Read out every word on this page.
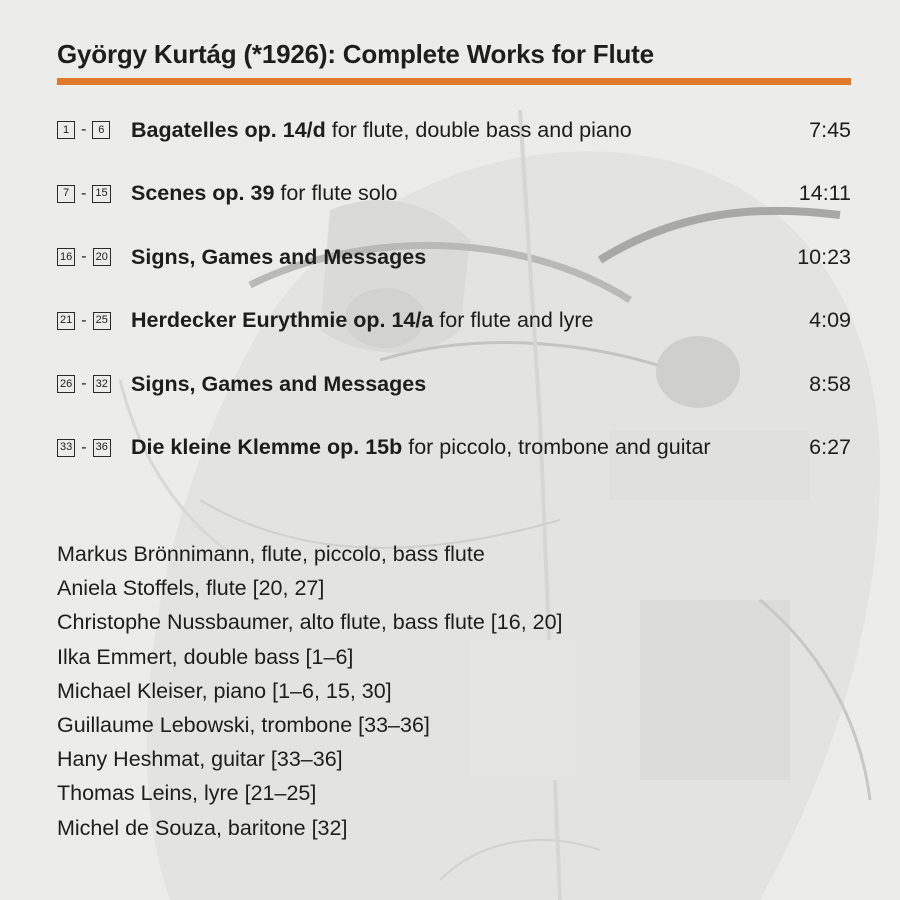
György Kurtág (*1926): Complete Works for Flute
1 -	6 Bagatelles op. 14/d for flute, double bass and piano	7:45
7 - 15 Scenes op. 39 for flute solo	14:11
16 - 20 Signs, Games and Messages	10:23
21 - 25 Herdecker Eurythmie op. 14/a for flute and lyre	4:09
26 - 32 Signs, Games and Messages	8:58
33 - 36 Die kleine Klemme op. 15b for piccolo, trombone and guitar	6:27
Markus Brönnimann, flute, piccolo, bass flute
Aniela Stoffels, flute [20, 27]
Christophe Nussbaumer, alto flute, bass flute [16, 20]
Ilka Emmert, double bass [1–6]
Michael Kleiser, piano [1–6, 15, 30]
Guillaume Lebowski, trombone [33–36]
Hany Heshmat, guitar [33–36]
Thomas Leins, lyre [21–25]
Michel de Souza, baritone [32]
